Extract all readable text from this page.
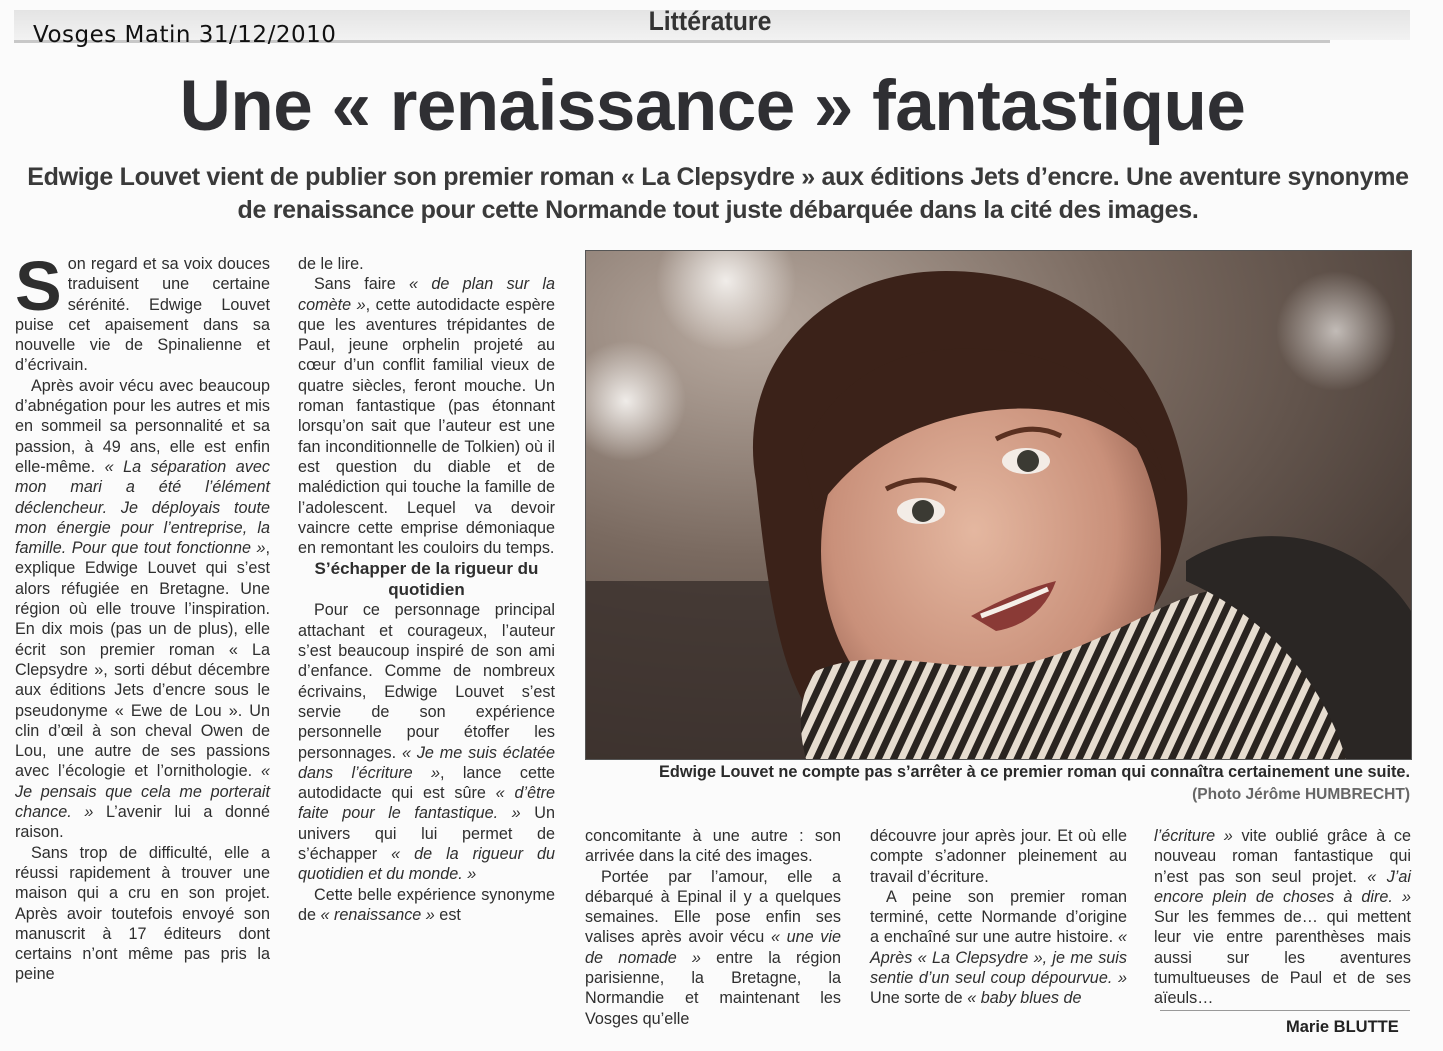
Littérature
Vosges Matin 31/12/2010
Une « renaissance » fantastique
Edwige Louvet vient de publier son premier roman « La Clepsydre » aux éditions Jets d’encre. Une aventure synonyme de renaissance pour cette Normande tout juste débarquée dans la cité des images.

Son regard et sa voix douces traduisent une certaine sérénité. Edwige Louvet puise cet apaisement dans sa nouvelle vie de Spinalienne et d’écrivain.

Après avoir vécu avec beaucoup d’abnégation pour les autres et mis en sommeil sa personnalité et sa passion, à 49 ans, elle est enfin elle-même. « La séparation avec mon mari a été l’élément déclencheur. Je déployais toute mon énergie pour l’entreprise, la famille. Pour que tout fonctionne », explique Edwige Louvet qui s’est alors réfugiée en Bretagne. Une région où elle trouve l’inspiration. En dix mois (pas un de plus), elle écrit son premier roman « La Clepsydre », sorti début décembre aux éditions Jets d’encre sous le pseudonyme « Ewe de Lou ». Un clin d’œil à son cheval Owen de Lou, une autre de ses passions avec l’écologie et l’ornithologie. « Je pensais que cela me porterait chance. » L’avenir lui a donné raison.

Sans trop de difficulté, elle a réussi rapidement à trouver une maison qui a cru en son projet. Après avoir toutefois envoyé son manuscrit à 17 éditeurs dont certains n’ont même pas pris la peine

de le lire.

Sans faire « de plan sur la comète », cette autodidacte espère que les aventures trépidantes de Paul, jeune orphelin projeté au cœur d’un conflit familial vieux de quatre siècles, feront mouche. Un roman fantastique (pas étonnant lorsqu’on sait que l’auteur est une fan inconditionnelle de Tolkien) où il est question du diable et de malédiction qui touche la famille de l’adolescent. Lequel va devoir vaincre cette emprise démoniaque en remontant les couloirs du temps.

S’échapper de la rigueur du quotidien

Pour ce personnage principal attachant et courageux, l’auteur s’est beaucoup inspiré de son ami d’enfance. Comme de nombreux écrivains, Edwige Louvet s’est servie de son expérience personnelle pour étoffer les personnages. « Je me suis éclatée dans l’écriture », lance cette autodidacte qui est sûre « d’être faite pour le fantastique. » Un univers qui lui permet de s’échapper « de la rigueur du quotidien et du monde. »

Cette belle expérience synonyme de « renaissance » est

Edwige Louvet ne compte pas s’arrêter à ce premier roman qui connaîtra certainement une suite.
(Photo Jérôme HUMBRECHT)

concomitante à une autre : son arrivée dans la cité des images.

Portée par l’amour, elle a débarqué à Epinal il y a quelques semaines. Elle pose enfin ses valises après avoir vécu « une vie de nomade » entre la région parisienne, la Bretagne, la Normandie et maintenant les Vosges qu’elle

découvre jour après jour. Et où elle compte s’adonner pleinement au travail d’écriture.

A peine son premier roman terminé, cette Normande d’origine a enchaîné sur une autre histoire. « Après « La Clepsydre », je me suis sentie d’un seul coup dépourvue. » Une sorte de « baby blues de

l’écriture » vite oublié grâce à ce nouveau roman fantastique qui n’est pas son seul projet. « J’ai encore plein de choses à dire. » Sur les femmes de… qui mettent leur vie entre parenthèses mais aussi sur les aventures tumultueuses de Paul et de ses aïeuls…

Marie BLUTTE
